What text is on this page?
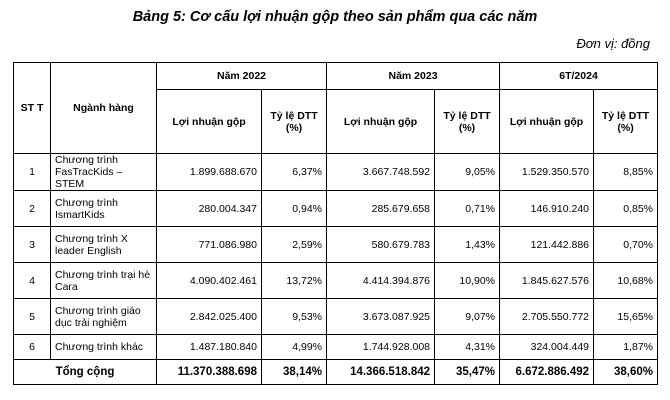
Bảng 5: Cơ cấu lợi nhuận gộp theo sản phẩm qua các năm
Đơn vị: đồng
ST T	Ngành hàng	Năm 2022		Năm 2023		6T/2024	
		Lợi nhuận gộp	Tỷ lệ DTT (%)	Lợi nhuận gộp	Tỷ lệ DTT (%)	Lợi nhuận gộp	Tỷ lệ DTT (%)
1	Chương trình FasTracKids – STEM	1.899.688.670	6,37%	3.667.748.592	9,05%	1.529.350.570	8,85%
2	Chương trình IsmartKids	280.004.347	0,94%	285.679.658	0,71%	146.910.240	0,85%
3	Chương trình X leader English	771.086.980	2,59%	580.679.783	1,43%	121.442.886	0,70%
4	Chương trình trại hè Cara	4.090.402.461	13,72%	4.414.394.876	10,90%	1.845.627.576	10,68%
5	Chương trình giáo dục trải nghiệm	2.842.025.400	9,53%	3.673.087.925	9,07%	2.705.550.772	15,65%
6	Chương trình khác	1.487.180.840	4,99%	1.744.928.008	4,31%	324.004.449	1,87%
Tổng cộng		11.370.388.698	38,14%	14.366.518.842	35,47%	6.672.886.492	38,60%
